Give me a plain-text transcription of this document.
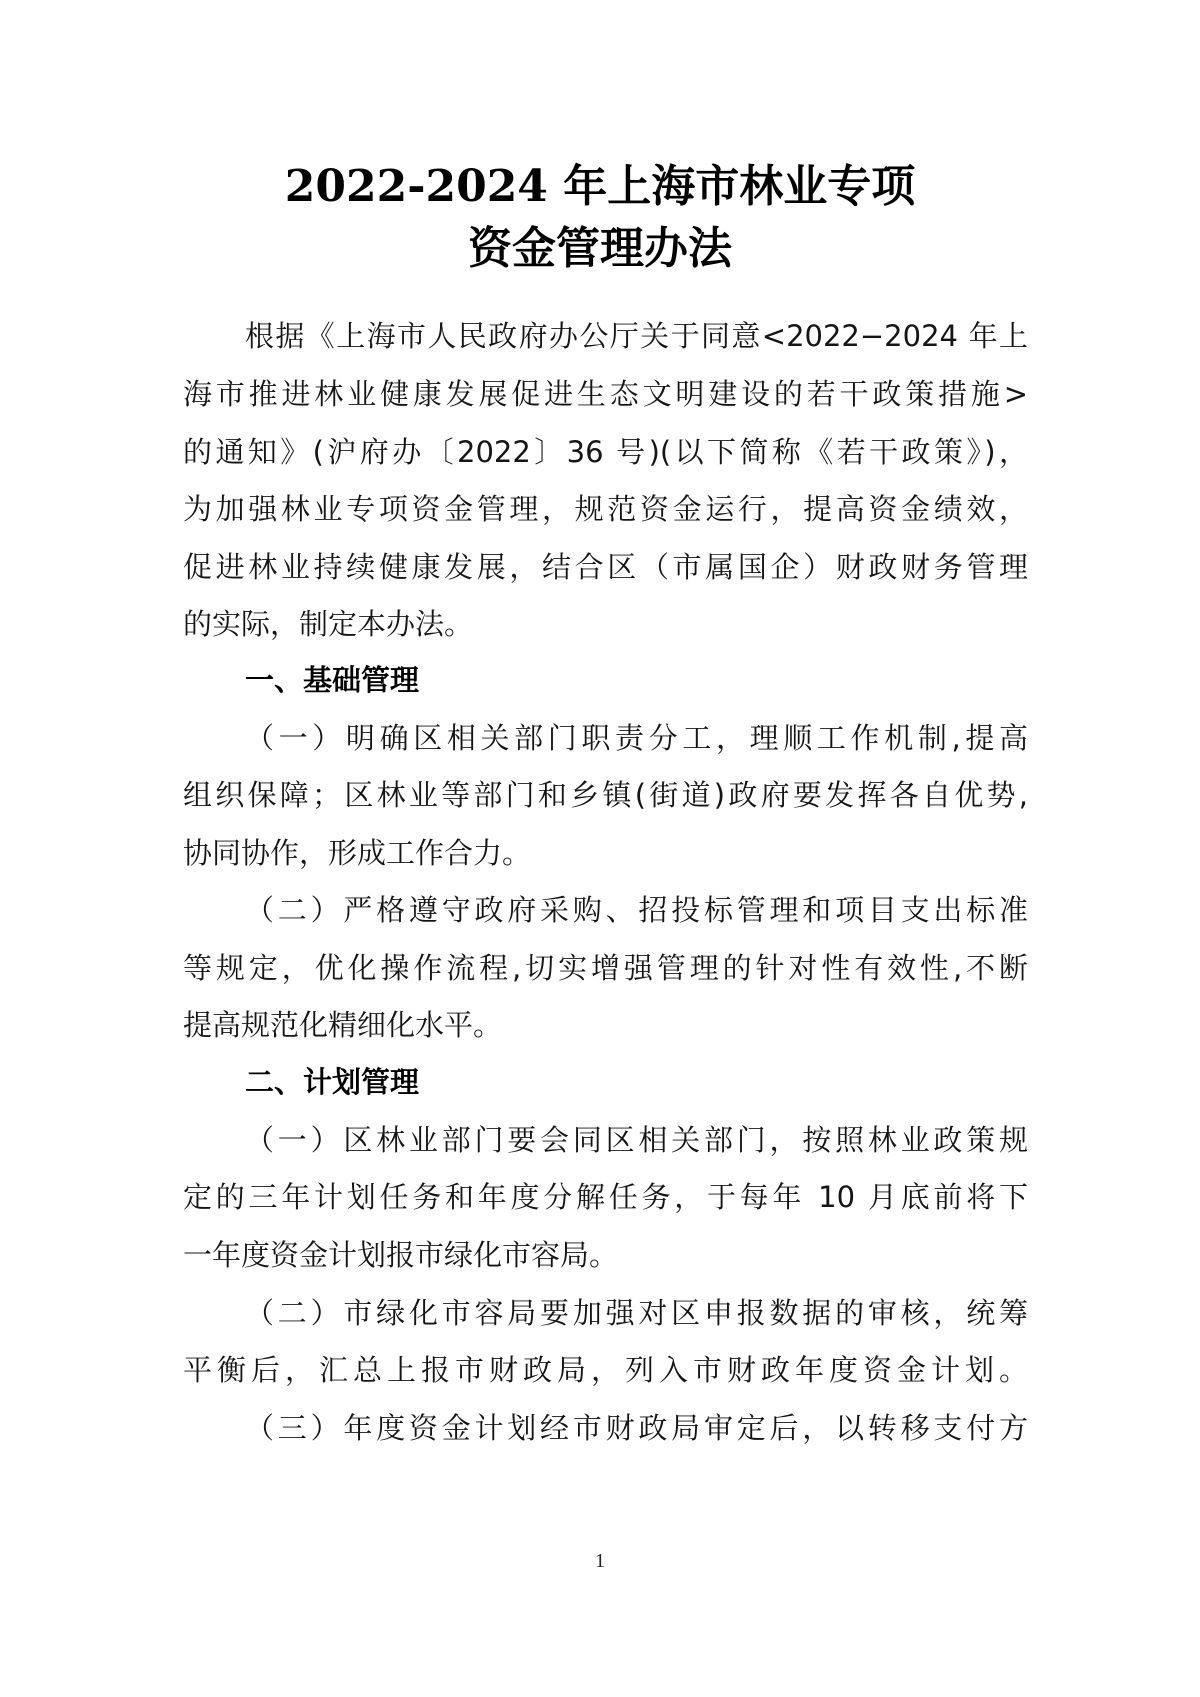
2022-2024 年上海市林业专项
资金管理办法
根据《上海市人民政府办公厅关于同意<2022−2024 年上
海市推进林业健康发展促进生态文明建设的若干政策措施>
的通知》(沪府办〔2022〕36 号)(以下简称《若干政策》)，
为加强林业专项资金管理，规范资金运行，提高资金绩效，
促进林业持续健康发展，结合区（市属国企）财政财务管理
的实际，制定本办法。
一、基础管理
（一）明确区相关部门职责分工，理顺工作机制,提高
组织保障；区林业等部门和乡镇(街道)政府要发挥各自优势,
协同协作，形成工作合力。
（二）严格遵守政府采购、招投标管理和项目支出标准
等规定，优化操作流程,切实增强管理的针对性有效性,不断
提高规范化精细化水平。
二、计划管理
（一）区林业部门要会同区相关部门，按照林业政策规
定的三年计划任务和年度分解任务，于每年 10 月底前将下
一年度资金计划报市绿化市容局。
（二）市绿化市容局要加强对区申报数据的审核，统筹
平衡后，汇总上报市财政局，列入市财政年度资金计划。
（三）年度资金计划经市财政局审定后，以转移支付方
1
